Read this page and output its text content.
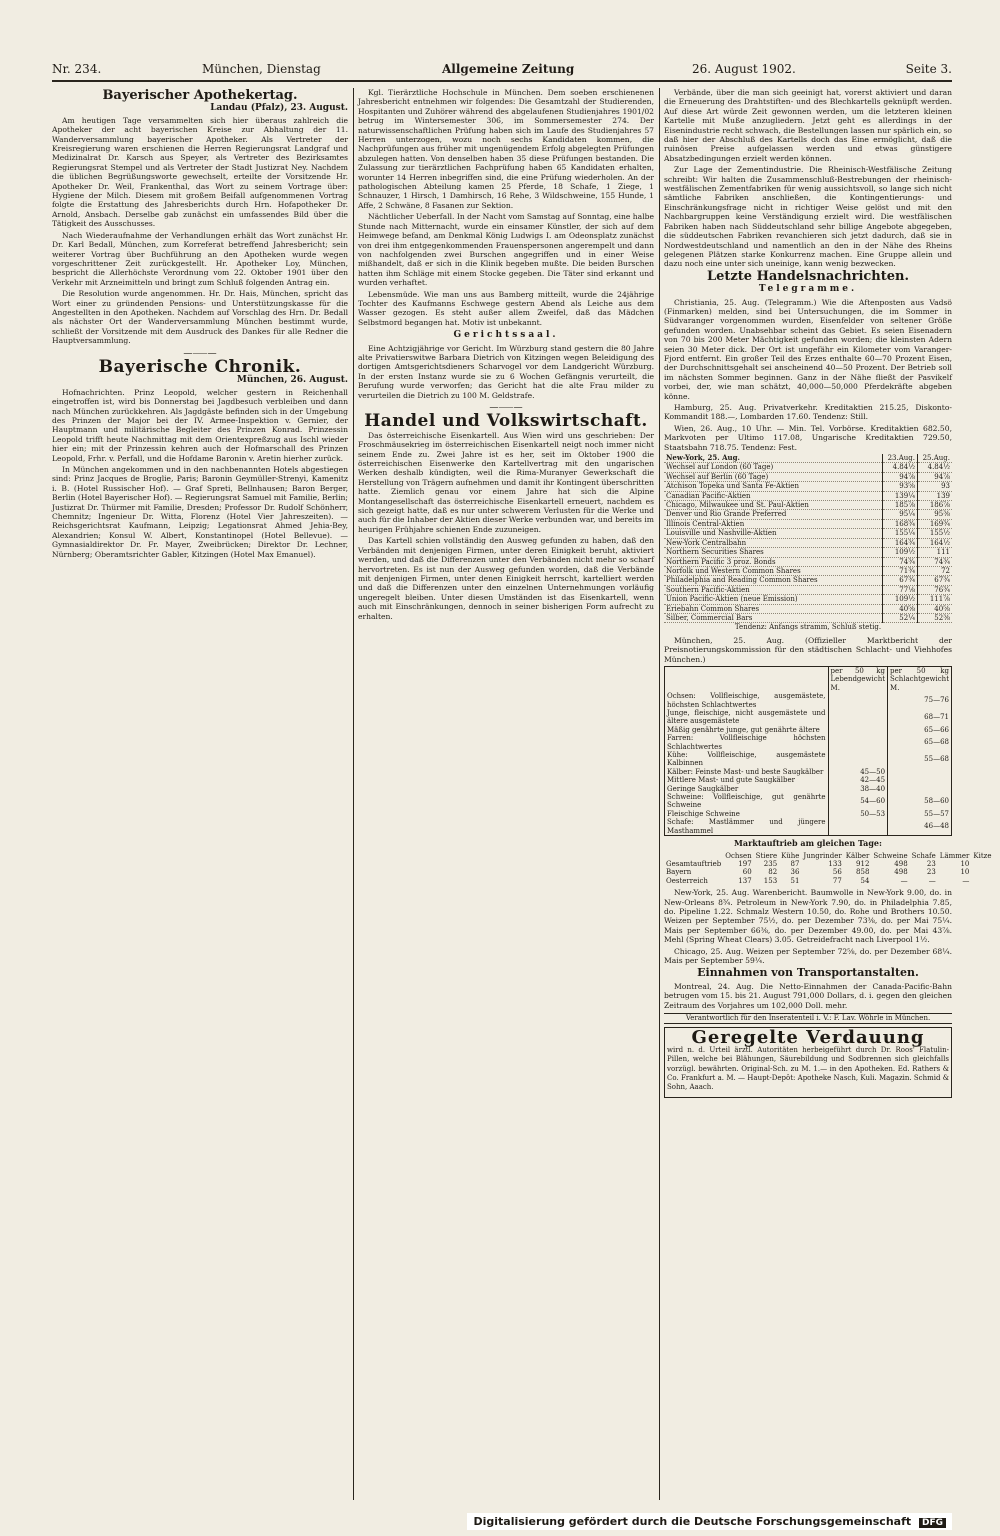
Nr. 234.	München, Dienstag	Allgemeine Zeitung	26. August 1902.	Seite 3.
Bayerischer Apothekertag.
Landau (Pfalz), 23. August.

Am heutigen Tage versammelten sich hier überaus zahlreich die Apotheker der acht bayerischen Kreise zur Abhaltung der 11. Wanderversammlung bayerischer Apotheker. Als Vertreter der Kreisregierung waren erschienen die Herren Regierungsrat Landgraf und Medizinalrat Dr. Karsch aus Speyer, als Vertreter des Bezirksamtes Regierungsrat Stempel und als Vertreter der Stadt Justizrat Ney. Nachdem die üblichen Begrüßungsworte gewechselt, erteilte der Vorsitzende Hr. Apotheker Dr. Weil, Frankenthal, das Wort zu seinem Vortrage über: Hygiene der Milch. Diesem mit großem Beifall aufgenommenen Vortrag folgte die Erstattung des Jahresberichts durch Hrn. Hofapotheker Dr. Arnold, Ansbach. Derselbe gab zunächst ein umfassendes Bild über die Tätigkeit des Ausschusses.

Nach Wiederaufnahme der Verhandlungen erhält das Wort zunächst Hr. Dr. Karl Bedall, München, zum Korreferat betreffend Jahresbericht; sein weiterer Vortrag über Buchführung an den Apotheken wurde wegen vorgeschrittener Zeit zurückgestellt. Hr. Apotheker Loy, München, bespricht die Allerhöchste Verordnung vom 22. Oktober 1901 über den Verkehr mit Arzneimitteln und bringt zum Schluß folgenden Antrag ein.

Die Resolution wurde angenommen. Hr. Dr. Hais, München, spricht das Wort einer zu gründenden Pensions- und Unterstützungskasse für die Angestellten in den Apotheken. Nachdem auf Vorschlag des Hrn. Dr. Bedall als nächster Ort der Wanderversammlung München bestimmt wurde, schließt der Vorsitzende mit dem Ausdruck des Dankes für alle Redner die Hauptversammlung.

—⸺—
Bayerische Chronik.
München, 26. August.

Hofnachrichten. Prinz Leopold, welcher gestern in Reichenhall eingetroffen ist, wird bis Donnerstag bei Jagdbesuch verbleiben und dann nach München zurückkehren. Als Jagdgäste befinden sich in der Umgebung des Prinzen der Major bei der IV. Armee-Inspektion v. Gernier, der Hauptmann und militärische Begleiter des Prinzen Konrad. Prinzessin Leopold trifft heute Nachmittag mit dem Orientexpreßzug aus Ischl wieder hier ein; mit der Prinzessin kehren auch der Hofmarschall des Prinzen Leopold, Frhr. v. Perfall, und die Hofdame Baronin v. Aretin hierher zurück.

In München angekommen und in den nachbenannten Hotels abgestiegen sind: Prinz Jacques de Broglie, Paris; Baronin Geymüller-Strenyi, Kamenitz i. B. (Hotel Russischer Hof). — Graf Spreti, Bellnhausen; Baron Berger, Berlin (Hotel Bayerischer Hof). — Regierungsrat Samuel mit Familie, Berlin; Justizrat Dr. Thürmer mit Familie, Dresden; Professor Dr. Rudolf Schönherr, Chemnitz; Ingenieur Dr. Witta, Florenz (Hotel Vier Jahreszeiten). — Reichsgerichtsrat Kaufmann, Leipzig; Legationsrat Ahmed Jehia-Bey, Alexandrien; Konsul W. Albert, Konstantinopel (Hotel Bellevue). — Gymnasialdirektor Dr. Fr. Mayer, Zweibrücken; Direktor Dr. Lechner, Nürnberg; Oberamtsrichter Gabler, Kitzingen (Hotel Max Emanuel).

Kgl. Tierärztliche Hochschule in München. Dem soeben erschienenen Jahresbericht entnehmen wir folgendes: Die Gesamtzahl der Studierenden, Hospitanten und Zuhörer während des abgelaufenen Studienjahres 1901/02 betrug im Wintersemester 306, im Sommersemester 274. Der naturwissenschaftlichen Prüfung haben sich im Laufe des Studienjahres 57 Herren unterzogen, wozu noch sechs Kandidaten kommen, die Nachprüfungen aus früher mit ungenügendem Erfolg abgelegten Prüfungen abzulegen hatten. Von denselben haben 35 diese Prüfungen bestanden. Die Zulassung zur tierärztlichen Fachprüfung haben 65 Kandidaten erhalten, worunter 14 Herren inbegriffen sind, die eine Prüfung wiederholen. An der pathologischen Abteilung kamen 25 Pferde, 18 Schafe, 1 Ziege, 1 Schnauzer, 1 Hirsch, 1 Damhirsch, 16 Rehe, 3 Wildschweine, 155 Hunde, 1 Affe, 2 Schwäne, 8 Fasanen zur Sektion.

Nächtlicher Ueberfall. In der Nacht vom Samstag auf Sonntag, eine halbe Stunde nach Mitternacht, wurde ein einsamer Künstler, der sich auf dem Heimwege befand, am Denkmal König Ludwigs I. am Odeonsplatz zunächst von drei ihm entgegenkommenden Frauenspersonen angerempelt und dann von nachfolgenden zwei Burschen angegriffen und in einer Weise mißhandelt, daß er sich in die Klinik begeben mußte. Die beiden Burschen hatten ihm Schläge mit einem Stocke gegeben. Die Täter sind erkannt und wurden verhaftet.

Lebensmüde. Wie man uns aus Bamberg mitteilt, wurde die 24jährige Tochter des Kaufmanns Eschwege gestern Abend als Leiche aus dem Wasser gezogen. Es steht außer allem Zweifel, daß das Mädchen Selbstmord begangen hat. Motiv ist unbekannt.

Gerichtssaal.

Eine Achtzigjährige vor Gericht. Im Würzburg stand gestern die 80 Jahre alte Privatierswitwe Barbara Dietrich von Kitzingen wegen Beleidigung des dortigen Amtsgerichtsdieners Scharvogel vor dem Landgericht Würzburg. In der ersten Instanz wurde sie zu 6 Wochen Gefängnis verurteilt, die Berufung wurde verworfen; das Gericht hat die alte Frau milder zu verurteilen die Dietrich zu 100 M. Geldstrafe.

—⸺—
Handel und Volkswirtschaft.

Das österreichische Eisenkartell. Aus Wien wird uns geschrieben: Der Froschmäusekrieg im österreichischen Eisenkartell neigt noch immer nicht seinem Ende zu. Zwei Jahre ist es her, seit im Oktober 1900 die österreichischen Eisenwerke den Kartellvertrag mit den ungarischen Werken deshalb kündigten, weil die Rima-Muranyer Gewerkschaft die Herstellung von Trägern aufnehmen und damit ihr Kontingent überschritten hatte. Ziemlich genau vor einem Jahre hat sich die Alpine Montangesellschaft das österreichische Eisenkartell erneuert, nachdem es sich gezeigt hatte, daß es nur unter schwerem Verlusten für die Werke und auch für die Inhaber der Aktien dieser Werke verbunden war, und bereits im heurigen Frühjahre schienen Ende zuzuneigen.

Das Kartell schien vollständig den Ausweg gefunden zu haben, daß den Verbänden mit denjenigen Firmen, unter deren Einigkeit beruht, aktiviert werden, und daß die Differenzen unter den Verbänden nicht mehr so scharf hervortreten. Es ist nun der Ausweg gefunden worden, daß die Verbände mit denjenigen Firmen, unter denen Einigkeit herrscht, kartelliert werden und daß die Differenzen unter den einzelnen Unternehmungen vorläufig ungeregelt bleiben. Unter diesen Umständen ist das Eisenkartell, wenn auch mit Einschränkungen, dennoch in seiner bisherigen Form aufrecht zu erhalten.

Verbände, über die man sich geeinigt hat, vorerst aktiviert und daran die Erneuerung des Drahtstiften- und des Blechkartells geknüpft werden. Auf diese Art würde Zeit gewonnen werden, um die letzteren kleinen Kartelle mit Muße anzugliedern. Jetzt geht es allerdings in der Eisenindustrie recht schwach, die Bestellungen lassen nur spärlich ein, so daß hier der Abschluß des Kartells doch das Eine ermöglicht, daß die ruinösen Preise aufgelassen werden und etwas günstigere Absatzbedingungen erzielt werden können.

Zur Lage der Zementindustrie. Die Rheinisch-Westfälische Zeitung schreibt: Wir halten die Zusammenschluß-Bestrebungen der rheinisch-westfälischen Zementfabriken für wenig aussichtsvoll, so lange sich nicht sämtliche Fabriken anschließen, die Kontingentierungs- und Einschränkungsfrage nicht in richtiger Weise gelöst und mit den Nachbargruppen keine Verständigung erzielt wird. Die westfälischen Fabriken haben nach Süddeutschland sehr billige Angebote abgegeben, die süddeutschen Fabriken revanchieren sich jetzt dadurch, daß sie in Nordwestdeutschland und namentlich an den in der Nähe des Rheins gelegenen Plätzen starke Konkurrenz machen. Eine Gruppe allein und dazu noch eine unter sich uneinige, kann wenig bezwecken.

Letzte Handelsnachrichten.
Telegramme.

Christiania, 25. Aug. (Telegramm.) Wie die Aftenposten aus Vadsö (Finmarken) melden, sind bei Untersuchungen, die im Sommer in Südvaranger vorgenommen wurden, Eisenfelder von seltener Größe gefunden worden. Unabsehbar scheint das Gebiet. Es seien Eisenadern von 70 bis 200 Meter Mächtigkeit gefunden worden; die kleinsten Adern seien 30 Meter dick. Der Ort ist ungefähr ein Kilometer vom Varanger-Fjord entfernt. Ein großer Teil des Erzes enthalte 60—70 Prozent Eisen, der Durchschnittsgehalt sei anscheinend 40—50 Prozent. Der Betrieb soll im nächsten Sommer beginnen. Ganz in der Nähe fließt der Pasvikelf vorbei, der, wie man schätzt, 40,000—50,000 Pferdekräfte abgeben könne.

Hamburg, 25. Aug. Privatverkehr. Kreditaktien 215.25, Diskonto-Kommandit 188.—, Lombarden 17.60. Tendenz: Still.

Wien, 26. Aug., 10 Uhr. — Min. Tel. Vorbörse. Kreditaktien 682.50, Markvoten per Ultimo 117.08, Ungarische Kreditaktien 729.50, Staatsbahn 718.75. Tendenz: Fest.

New-York, 25. Aug.	23.Aug.	25.Aug.
Wechsel auf London (60 Tage)	4.84½	4.84½
Wechsel auf Berlin (60 Tage)	94⅞	94⅞
Atchison Topeka und Santa Fe-Aktien	93⅝	93
Canadian Pacific-Aktien	139¼	139
Chicago, Milwaukee und St. Paul-Aktien	185⅞	186⅞
Denver und Rio Grande Preferred	95¼	95⅜
Illinois Central-Aktien	168¾	169¾
Louisville und Nashville-Aktien	155¼	155½
New-York Centralbahn	164¾	164½
Northern Securities Shares	109½	111
Northern Pacific 3 proz. Bonds	74¾	74¾
Norfolk und Western Common Shares	71¾	72
Philadelphia and Reading Common Shares	67¾	67¾
Southern Pacific-Aktien	77⅛	76¾
Union Pacific-Aktien (neue Emission)	109½	111⅞
Eriebahn Common Shares	40⅝	40⅝
Silber, Commercial Bars	52¼	52⅜
Tendenz: Anfangs stramm, Schluß stetig.

München, 25. Aug. (Offizieller Marktbericht der Preisnotierungskommission für den städtischen Schlacht- und Viehhofes München.)

	per 50 kg Lebendgewicht M.	per 50 kg Schlachtgewicht M.
Ochsen: Vollfleischige, ausgemästete, höchsten Schlachtwertes		75—76
Junge, fleischige, nicht ausgemästete und ältere ausgemästete		68—71
Mäßig genährte junge, gut genährte ältere		65—66
Farren: Vollfleischige höchsten Schlachtwertes		65—68
Kühe: Vollfleischige, ausgemästete Kalbinnen		55—68
Kälber: Feinste Mast- und beste Saugkälber	45—50	
Mittlere Mast- und gute Saugkälber	42—45	
Geringe Saugkälber	38—40	
Schweine: Vollfleischige, gut genährte Schweine	54—60	58—60
Fleischige Schweine	50—53	55—57
Schafe: Mastlämmer und jüngere Masthammel		46—48
Marktauftrieb am gleichen Tage:
	Ochsen	Stiere	Kühe	Jungrinder	Kälber	Schweine	Schafe	Lämmer	Kitze
Gesamtauftrieb	197	235	87	133	912	498	23	10	
Bayern	60	82	36	56	858	498	23	10	
Oesterreich	137	153	51	77	54	—	—	—	

New-York, 25. Aug. Warenbericht. Baumwolle in New-York 9.00, do. in New-Orleans 8¾. Petroleum in New-York 7.90, do. in Philadelphia 7.85, do. Pipeline 1.22. Schmalz Western 10.50, do. Rohe und Brothers 10.50. Weizen per September 75½, do. per Dezember 73⅜, do. per Mai 75¼. Mais per September 66⅜, do. per Dezember 49.00, do. per Mai 43⅞. Mehl (Spring Wheat Clears) 3.05. Getreidefracht nach Liverpool 1½.

Chicago, 25. Aug. Weizen per September 72⅝, do. per Dezember 68¼. Mais per September 59¼.

Einnahmen von Transportanstalten.

Montreal, 24. Aug. Die Netto-Einnahmen der Canada-Pacific-Bahn betrugen vom 15. bis 21. August 791,000 Dollars, d. i. gegen den gleichen Zeitraum des Vorjahres um 102,000 Doll. mehr.

Verantwortlich für den Inseratenteil i. V.: F. Lav. Wöhrle in München.
Geregelte Verdauung

wird n. d. Urteil ärztl. Autoritäten herbeigeführt durch Dr. Roos' Flatulin-Pillen, welche bei Blähungen, Säurebildung und Sodbrennen sich gleichfalls vorzügl. bewährten. Original-Sch. zu M. 1.— in den Apotheken. Ed. Rathers & Co. Frankfurt a. M. — Haupt-Depôt: Apotheke Nasch, Kuli. Magazin. Schmid & Sohn, Aaach.

Digitalisierung gefördert durch die Deutsche Forschungsgemeinschaft DFG
